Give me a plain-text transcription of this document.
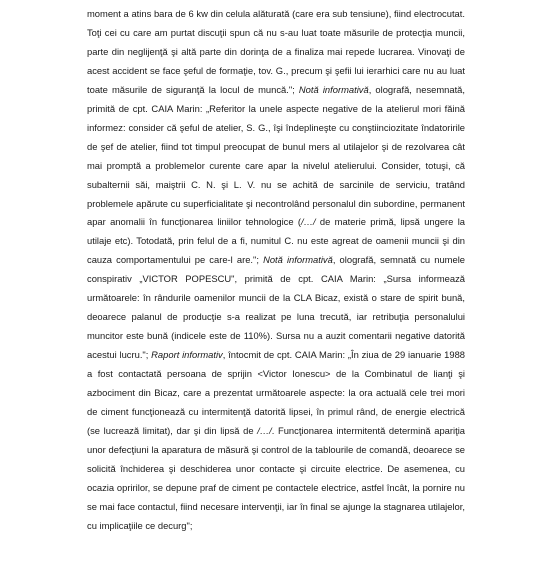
moment a atins bara de 6 kw din celula alăturată (care era sub tensiune), fiind electrocutat. Toţi cei cu care am purtat discuţii spun că nu s-au luat toate măsurile de protecţia muncii, parte din neglijenţă şi altă parte din dorinţa de a finaliza mai repede lucrarea. Vinovaţi de acest accident se face şeful de formaţie, tov. G., precum şi şefii lui ierarhici care nu au luat toate măsurile de siguranţă la locul de muncă."; Notă informativă, olografă, nesemnată, primită de cpt. CAIA Marin: „Referitor la unele aspecte negative de la atelierul mori făină informez: consider că şeful de atelier, S. G., îşi îndeplineşte cu conştiinciozitate îndatoririle de şef de atelier, fiind tot timpul preocupat de bunul mers al utilajelor şi de rezolvarea cât mai promptă a problemelor curente care apar la nivelul atelierului. Consider, totuşi, că subalternii săi, maiştrii C. N. şi L. V. nu se achită de sarcinile de serviciu, tratând problemele apărute cu superficialitate şi necontrolând personalul din subordine, permanent apar anomalii în funcţionarea liniilor tehnologice (/…/ de materie primă, lipsă ungere la utilaje etc). Totodată, prin felul de a fi, numitul C. nu este agreat de oamenii muncii şi din cauza comportamentului pe care-l are."; Notă informativă, olografă, semnată cu numele conspirativ „VICTOR POPESCU", primită de cpt. CAIA Marin: „Sursa informează următoarele: în rândurile oamenilor muncii de la CLA Bicaz, există o stare de spirit bună, deoarece palanul de producţie s-a realizat pe luna trecută, iar retribuţia personalului muncitor este bună (indicele este de 110%). Sursa nu a auzit comentarii negative datorită acestui lucru."; Raport informativ, întocmit de cpt. CAIA Marin: „În ziua de 29 ianuarie 1988 a fost contactată persoana de sprijin <Victor Ionescu> de la Combinatul de lianţi şi azbociment din Bicaz, care a prezentat următoarele aspecte: la ora actuală cele trei mori de ciment funcţionează cu intermitenţă datorită lipsei, în primul rând, de energie electrică (se lucrează limitat), dar şi din lipsă de /…/. Funcţionarea intermitentă determină apariţia unor defecţiuni la aparatura de măsură şi control de la tablourile de comandă, deoarece se solicită închiderea şi deschiderea unor contacte şi circuite electrice. De asemenea, cu ocazia opririlor, se depune praf de ciment pe contactele electrice, astfel încât, la pornire nu se mai face contactul, fiind necesare intervenţii, iar în final se ajunge la stagnarea utilajelor, cu implicaţiile ce decurg";
